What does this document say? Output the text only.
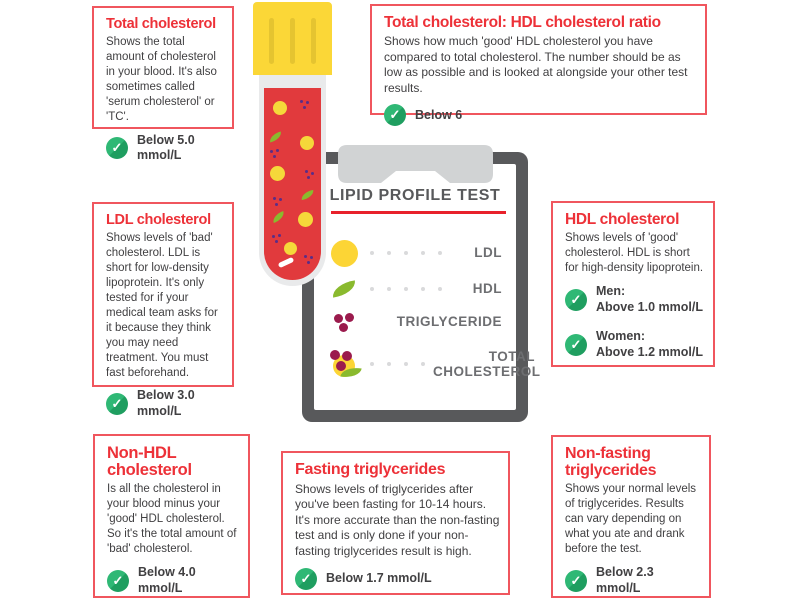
Total cholesterol

Shows the total amount of cholesterol in your blood. It's also sometimes called 'serum cholesterol' or 'TC'.

✓
Below 5.0 mmol/L
Total cholesterol: HDL cholesterol ratio

Shows how much 'good' HDL cholesterol you have compared to total cholesterol. The number should be as low as possible and is looked at alongside your other test results.

✓	Below 6
LDL cholesterol

Shows levels of 'bad' cholesterol. LDL is short for low-density lipoprotein. It's only tested for if your medical team asks for it because they think you may need treatment. You must fast beforehand.

✓
Below 3.0 mmol/L
HDL cholesterol

Shows levels of 'good' cholesterol. HDL is short for high-density lipoprotein.

✓
Men:
Above 1.0 mmol/L
✓
Women:
Above 1.2 mmol/L
Non-HDL cholesterol

Is all the cholesterol in your blood minus your 'good' HDL cholesterol. So it's the total amount of 'bad' cholesterol.

✓
Below 4.0 mmol/L
Fasting triglycerides

Shows levels of triglycerides after you've been fasting for 10-14 hours. It's more accurate than the non-fasting test and is only done if your non-fasting triglycerides result is high.

✓	Below 1.7 mmol/L
Non-fasting triglycerides

Shows your normal levels of triglycerides. Results can vary depending on what you ate and drank before the test.

✓
Below 2.3 mmol/L
LIPID PROFILE TEST
LDL
HDL
TRIGLYCERIDE
TOTAL CHOLESTEROL
